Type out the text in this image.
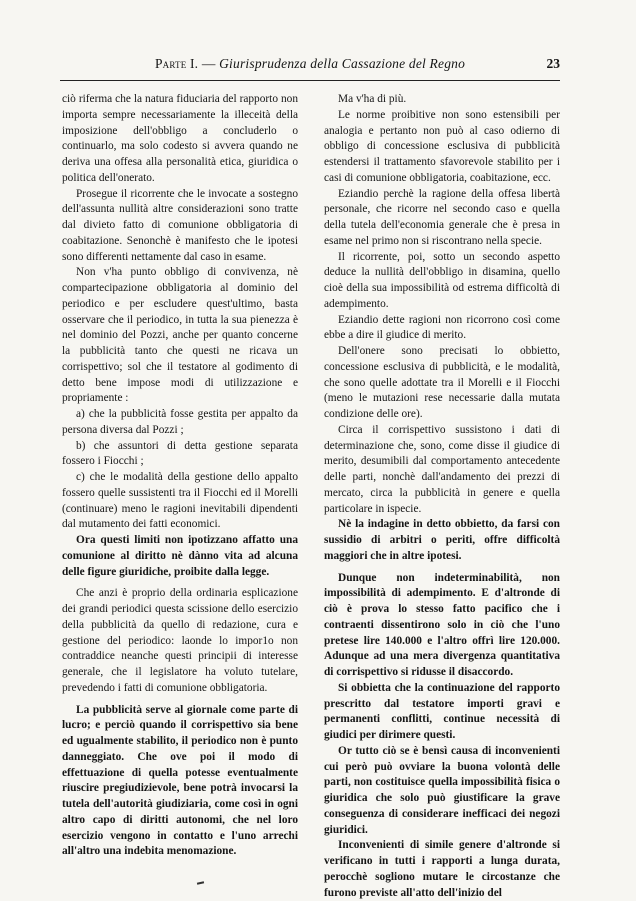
Parte I. — Giurisprudenza della Cassazione del Regno	23

ciò riferma che la natura fiduciaria del rapporto non importa sempre necessariamente la illeceità della imposizione dell'obbligo a concluderlo o continuarlo, ma solo codesto si avvera quando ne deriva una offesa alla personalità etica, giuridica o politica dell'onerato.

Prosegue il ricorrente che le invocate a sostegno dell'assunta nullità altre considerazioni sono tratte dal divieto fatto di comunione obbligatoria di coabitazione. Senonchè è manifesto che le ipotesi sono differenti nettamente dal caso in esame.

Non v'ha punto obbligo di convivenza, nè compartecipazione obbligatoria al dominio del periodico e per escludere quest'ultimo, basta osservare che il periodico, in tutta la sua pienezza è nel dominio del Pozzi, anche per quanto concerne la pubblicità tanto che questi ne ricava un corrispettivo; sol che il testatore al godimento di detto bene impose modi di utilizzazione e propriamente :

a) che la pubblicità fosse gestita per appalto da persona diversa dal Pozzi ;

b) che assuntori di detta gestione separata fossero i Fiocchi ;

c) che le modalità della gestione dello appalto fossero quelle sussistenti tra il Fiocchi ed il Morelli (continuare) meno le ragioni inevitabili dipendenti dal mutamento dei fatti economici.

Ora questi limiti non ipotizzano affatto una comunione al diritto nè dànno vita ad alcuna delle figure giuridiche, proibite dalla legge.

Che anzi è proprio della ordinaria esplicazione dei grandi periodici questa scissione dello esercizio della pubblicità da quello di redazione, cura e gestione del periodico: laonde lo impor1o non contraddice neanche questi principii di interesse generale, che il legislatore ha voluto tutelare, prevedendo i fatti di comunione obbligatoria.

La pubblicità serve al giornale come parte di lucro; e perciò quando il corrispettivo sia bene ed ugualmente stabilito, il periodico non è punto danneggiato. Che ove poi il modo di effettuazione di quella potesse eventualmente riuscire pregiudizievole, bene potrà invocarsi la tutela dell'autorità giudiziaria, come così in ogni altro capo di diritti autonomi, che nel loro esercizio vengono in contatto e l'uno arrechi all'altro una indebita menomazione.

Ma v'ha di più.

Le norme proibitive non sono estensibili per analogia e pertanto non può al caso odierno di obbligo di concessione esclusiva di pubblicità estendersi il trattamento sfavorevole stabilito per i casi di comunione obbligatoria, coabitazione, ecc.

Eziandio perchè la ragione della offesa libertà personale, che ricorre nel secondo caso e quella della tutela dell'economia generale che è presa in esame nel primo non si riscontrano nella specie.

Il ricorrente, poi, sotto un secondo aspetto deduce la nullità dell'obbligo in disamina, quello cioè della sua impossibilità od estrema difficoltà di adempimento.

Eziandio dette ragioni non ricorrono così come ebbe a dire il giudice di merito.

Dell'onere sono precisati lo obbietto, concessione esclusiva di pubblicità, e le modalità, che sono quelle adottate tra il Morelli e il Fiocchi (meno le mutazioni rese necessarie dalla mutata condizione delle ore).

Circa il corrispettivo sussistono i dati di determinazione che, sono, come disse il giudice di merito, desumibili dal comportamento antecedente delle parti, nonchè dall'andamento dei prezzi di mercato, circa la pubblicità in genere e quella particolare in ispecie.

Nè la indagine in detto obbietto, da farsi con sussidio di arbitri o periti, offre difficoltà maggiori che in altre ipotesi.

Dunque non indeterminabilità, non impossibilità di adempimento. E d'altronde di ciò è prova lo stesso fatto pacifico che i contraenti dissentirono solo in ciò che l'uno pretese lire 140.000 e l'altro offrì lire 120.000. Adunque ad una mera divergenza quantitativa di corrispettivo si ridusse il disaccordo.

Si obbietta che la continuazione del rapporto prescritto dal testatore importi gravi e permanenti conflitti, continue necessità di giudici per dirimere questi.

Or tutto ciò se è bensì causa di inconvenienti cui però può ovviare la buona volontà delle parti, non costituisce quella impossibilità fisica o giuridica che solo può giustificare la grave conseguenza di considerare inefficaci dei negozi giuridici.

Inconvenienti di simile genere d'altronde si verificano in tutti i rapporti a lunga durata, perocchè sogliono mutare le circostanze che furono previste all'atto dell'inizio del
